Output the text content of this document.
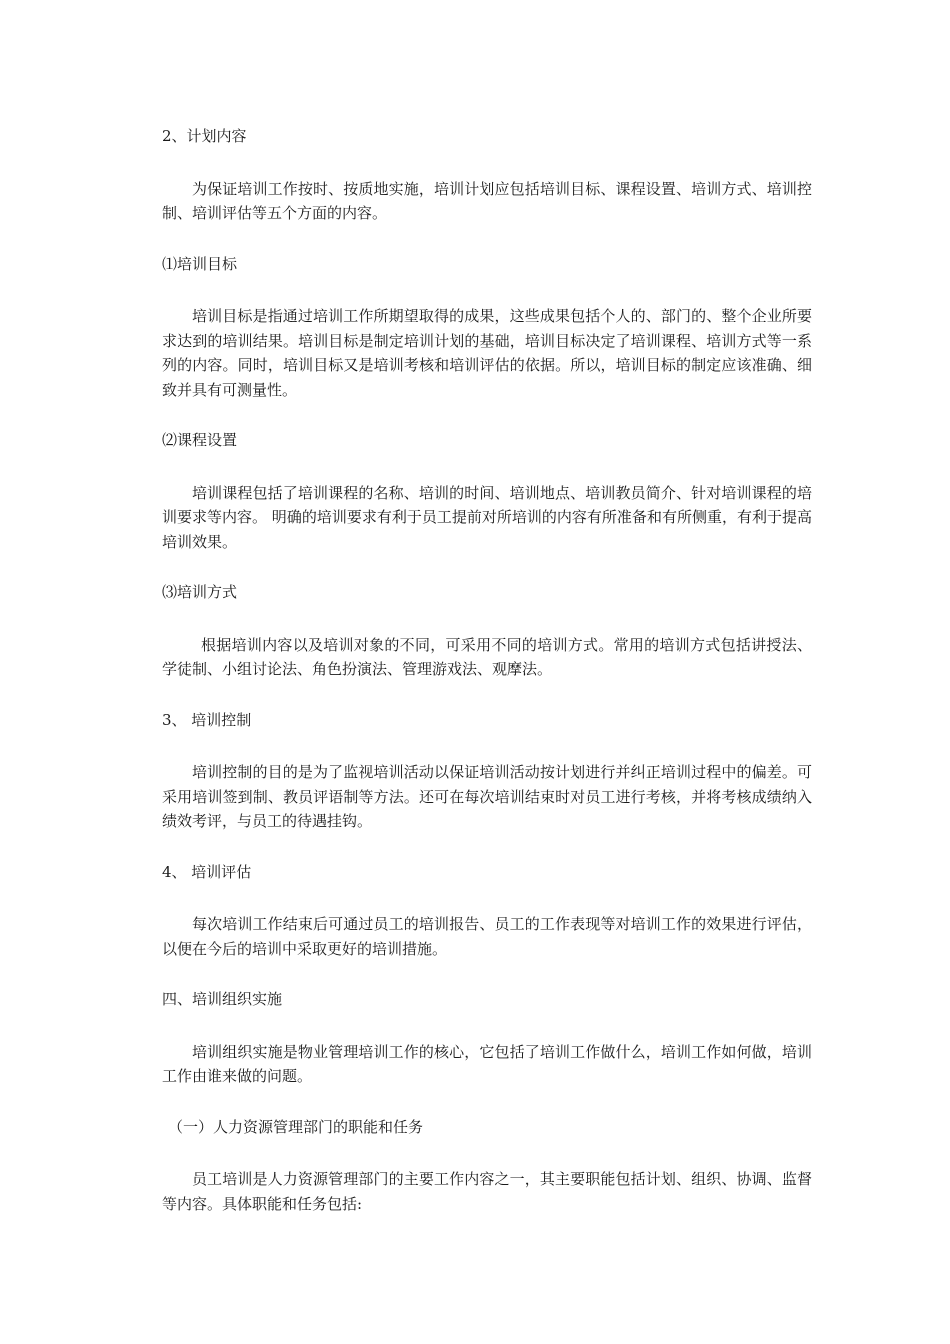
2、计划内容
为保证培训工作按时、按质地实施，培训计划应包括培训目标、课程设置、培训方式、培训控制、培训评估等五个方面的内容。
⑴培训目标
培训目标是指通过培训工作所期望取得的成果，这些成果包括个人的、部门的、整个企业所要求达到的培训结果。培训目标是制定培训计划的基础，培训目标决定了培训课程、培训方式等一系列的内容。同时，培训目标又是培训考核和培训评估的依据。所以，培训目标的制定应该准确、细致并具有可测量性。
⑵课程设置
培训课程包括了培训课程的名称、培训的时间、培训地点、培训教员简介、针对培训课程的培训要求等内容。 明确的培训要求有利于员工提前对所培训的内容有所准备和有所侧重，有利于提高培训效果。
⑶培训方式
根据培训内容以及培训对象的不同，可采用不同的培训方式。常用的培训方式包括讲授法、学徒制、小组讨论法、角色扮演法、管理游戏法、观摩法。
3、 培训控制
培训控制的目的是为了监视培训活动以保证培训活动按计划进行并纠正培训过程中的偏差。可采用培训签到制、教员评语制等方法。还可在每次培训结束时对员工进行考核，并将考核成绩纳入绩效考评，与员工的待遇挂钩。
4、 培训评估
每次培训工作结束后可通过员工的培训报告、员工的工作表现等对培训工作的效果进行评估，以便在今后的培训中采取更好的培训措施。
四、培训组织实施
培训组织实施是物业管理培训工作的核心，它包括了培训工作做什么，培训工作如何做，培训工作由谁来做的问题。
（一）人力资源管理部门的职能和任务
员工培训是人力资源管理部门的主要工作内容之一，其主要职能包括计划、组织、协调、监督等内容。具体职能和任务包括:
